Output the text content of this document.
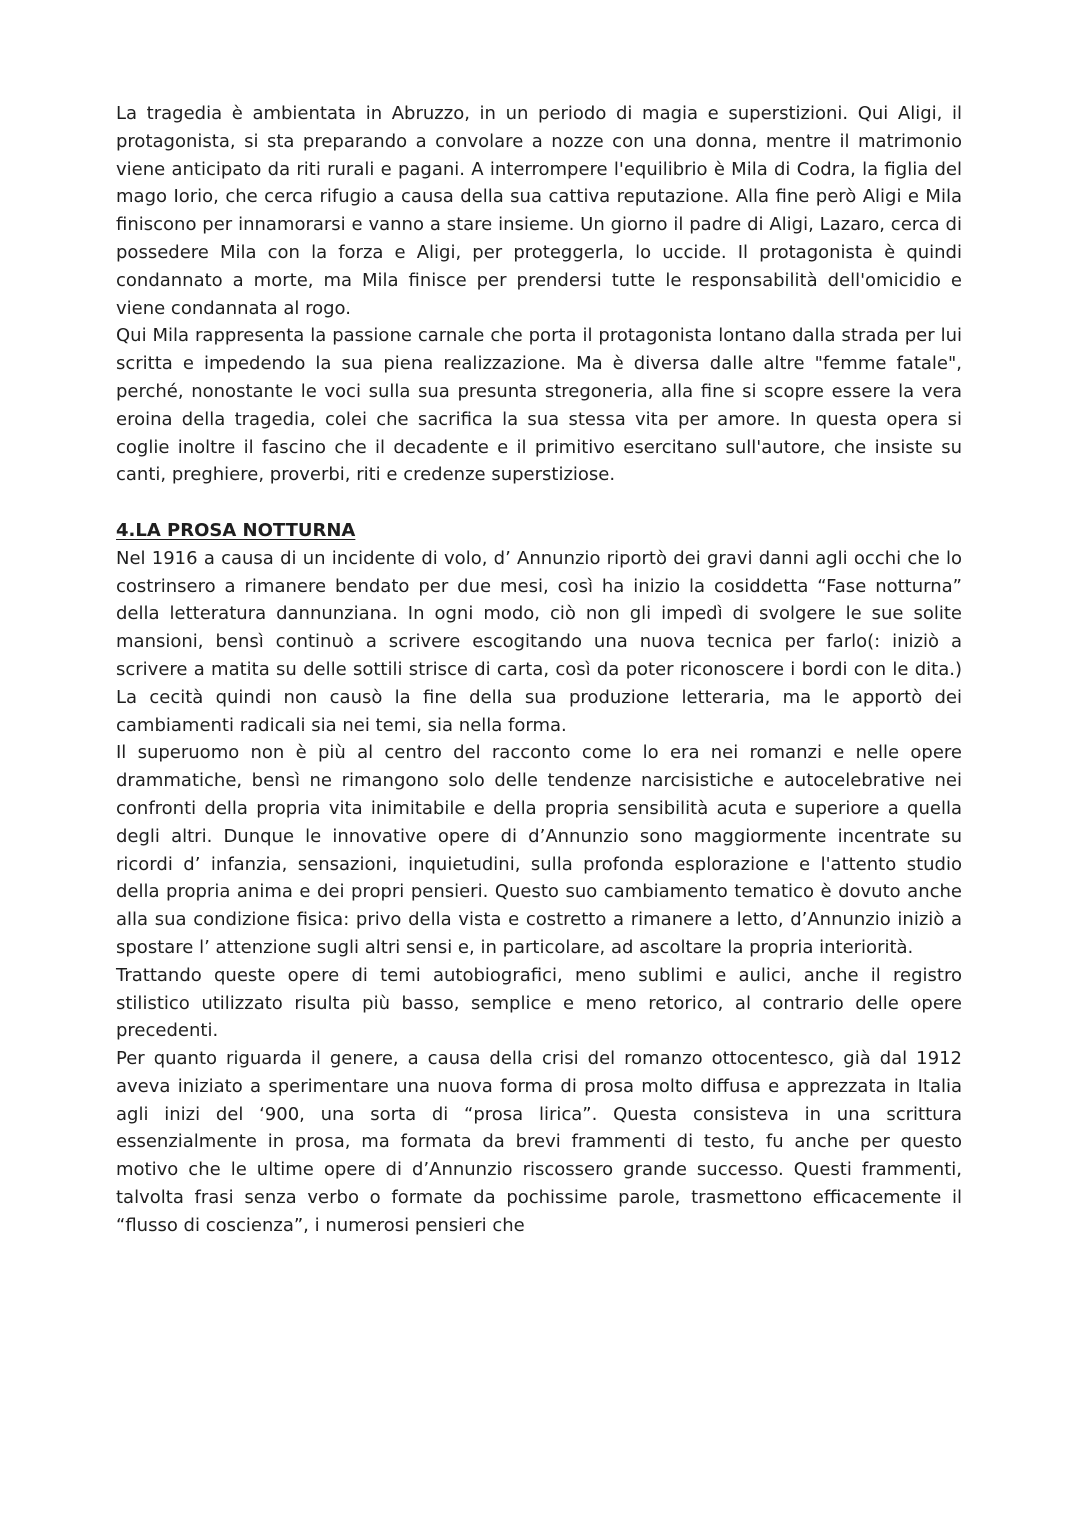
La tragedia è ambientata in Abruzzo, in un periodo di magia e superstizioni. Qui Aligi, il protagonista, si sta preparando a convolare a nozze con una donna, mentre il matrimonio viene anticipato da riti rurali e pagani. A interrompere l'equilibrio è Mila di Codra, la figlia del mago Iorio, che cerca rifugio a causa della sua cattiva reputazione. Alla fine però Aligi e Mila finiscono per innamorarsi e vanno a stare insieme. Un giorno il padre di Aligi, Lazaro, cerca di possedere Mila con la forza e Aligi, per proteggerla, lo uccide. Il protagonista è quindi condannato a morte, ma Mila finisce per prendersi tutte le responsabilità dell'omicidio e viene condannata al rogo.

Qui Mila rappresenta la passione carnale che porta il protagonista lontano dalla strada per lui scritta e impedendo la sua piena realizzazione. Ma è diversa dalle altre "femme fatale", perché, nonostante le voci sulla sua presunta stregoneria, alla fine si scopre essere la vera eroina della tragedia, colei che sacrifica la sua stessa vita per amore. In questa opera si coglie inoltre il fascino che il decadente e il primitivo esercitano sull'autore, che insiste su canti, preghiere, proverbi, riti e credenze superstiziose.

4.LA PROSA NOTTURNA

Nel 1916 a causa di un incidente di volo, d’ Annunzio riportò dei gravi danni agli occhi che lo costrinsero a rimanere bendato per due mesi, così ha inizio la cosiddetta “Fase notturna” della letteratura dannunziana. In ogni modo, ciò non gli impedì di svolgere le sue solite mansioni, bensì continuò a scrivere escogitando una nuova tecnica per farlo(: iniziò a scrivere a matita su delle sottili strisce di carta, così da poter riconoscere i bordi con le dita.) La cecità quindi non causò la fine della sua produzione letteraria, ma le apportò dei cambiamenti radicali sia nei temi, sia nella forma.

Il superuomo non è più al centro del racconto come lo era nei romanzi e nelle opere drammatiche, bensì ne rimangono solo delle tendenze narcisistiche e autocelebrative nei confronti della propria vita inimitabile e della propria sensibilità acuta e superiore a quella degli altri. Dunque le innovative opere di d’Annunzio sono maggiormente incentrate su ricordi d’ infanzia, sensazioni, inquietudini, sulla profonda esplorazione e l'attento studio della propria anima e dei propri pensieri. Questo suo cambiamento tematico è dovuto anche alla sua condizione fisica: privo della vista e costretto a rimanere a letto, d’Annunzio iniziò a spostare l’ attenzione sugli altri sensi e, in particolare, ad ascoltare la propria interiorità.

Trattando queste opere di temi autobiografici, meno sublimi e aulici, anche il registro stilistico utilizzato risulta più basso, semplice e meno retorico, al contrario delle opere precedenti.

Per quanto riguarda il genere, a causa della crisi del romanzo ottocentesco, già dal 1912 aveva iniziato a sperimentare una nuova forma di prosa molto diffusa e apprezzata in Italia agli inizi del ‘900, una sorta di “prosa lirica”. Questa consisteva in una scrittura essenzialmente in prosa, ma formata da brevi frammenti di testo, fu anche per questo motivo che le ultime opere di d’Annunzio riscossero grande successo. Questi frammenti, talvolta frasi senza verbo o formate da pochissime parole, trasmettono efficacemente il “flusso di coscienza”, i numerosi pensieri che
